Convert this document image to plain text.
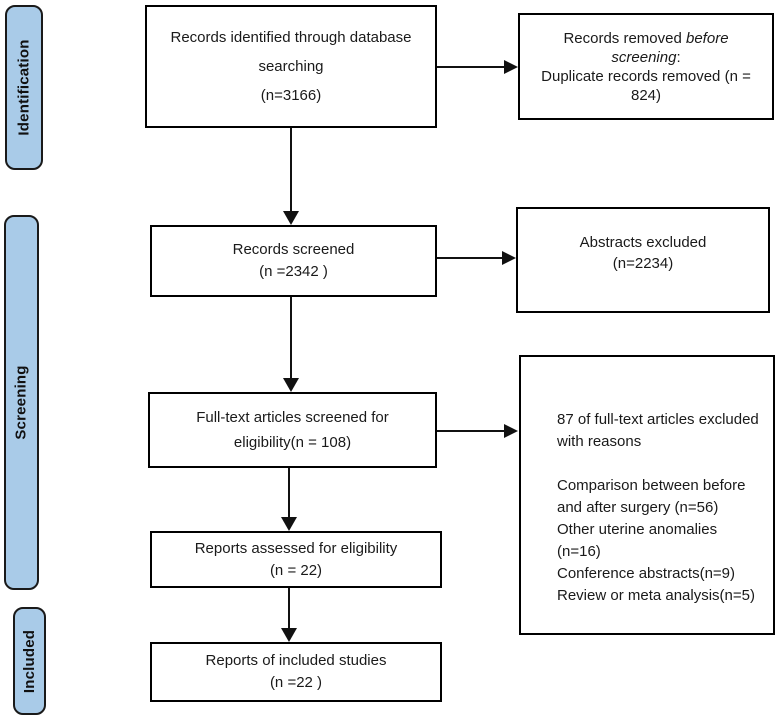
Identification
Screening
Included
Records identified through database
searching
(n=3166)
Records screened
(n =2342 )
Full-text articles screened for
eligibility(n = 108)
Reports assessed for eligibility
(n = 22)
Reports of included studies
(n =22 )
Records removed before screening:
Duplicate records removed (n = 824)
Abstracts excluded
(n=2234)
87 of full-text articles excluded with reasons
Comparison between before and after surgery (n=56)
Other uterine anomalies (n=16)
Conference abstracts(n=9)
Review or meta analysis(n=5)
